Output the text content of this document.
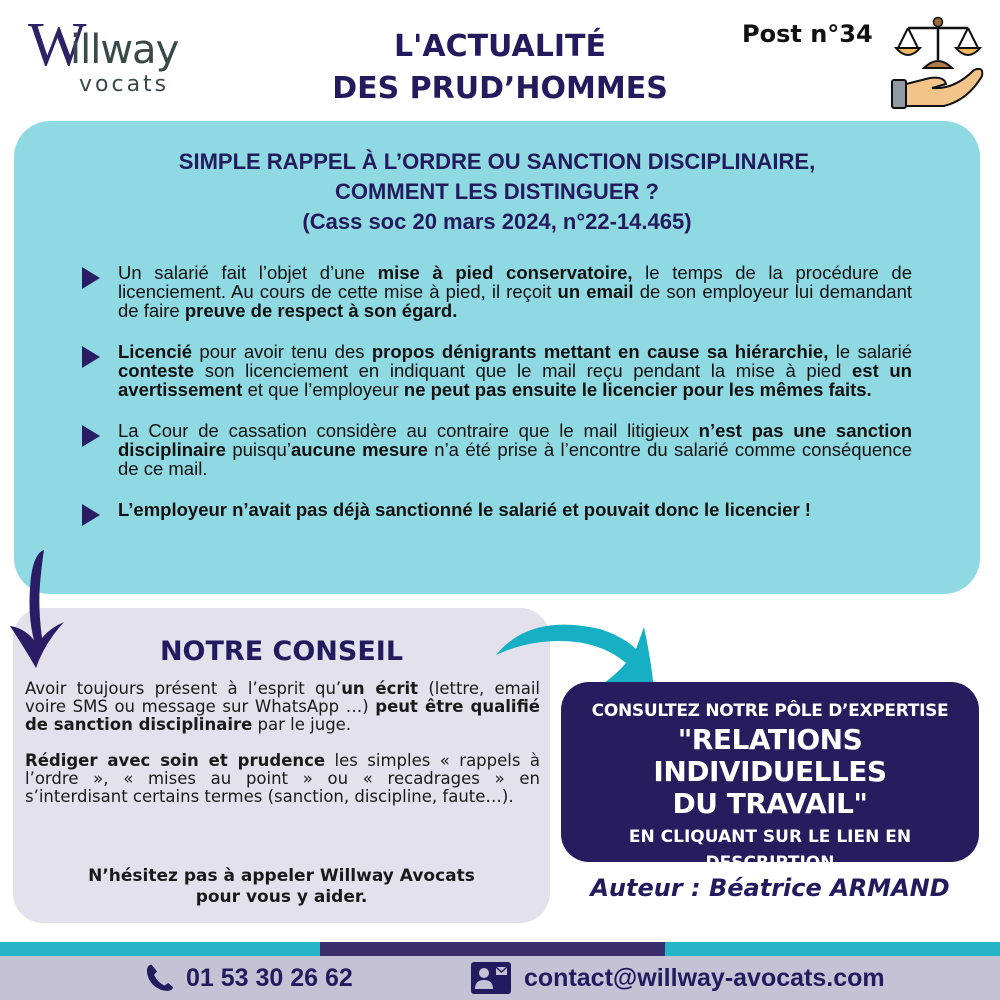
W
illway
vocats
L'ACTUALITÉ
DES PRUD’HOMMES
Post n°34
SIMPLE RAPPEL À L’ORDRE OU SANCTION DISCIPLINAIRE,
COMMENT LES DISTINGUER ?
(Cass soc 20 mars 2024, n°22-14.465)
Un salarié fait l’objet d’une mise à pied conservatoire, le temps de la procédure de licenciement. Au cours de cette mise à pied, il reçoit un email de son employeur lui demandant de faire preuve de respect à son égard.
Licencié pour avoir tenu des propos dénigrants mettant en cause sa hiérarchie, le salarié conteste son licenciement en indiquant que le mail reçu pendant la mise à pied est un avertissement et que l’employeur ne peut pas ensuite le licencier pour les mêmes faits.
La Cour de cassation considère au contraire que le mail litigieux n’est pas une sanction disciplinaire puisqu’aucune mesure n’a été prise à l’encontre du salarié comme conséquence de ce mail.
L’employeur n’avait pas déjà sanctionné le salarié et pouvait donc le licencier !
NOTRE CONSEIL

Avoir toujours présent à l’esprit qu’un écrit (lettre, email voire SMS ou message sur WhatsApp …) peut être qualifié de sanction disciplinaire par le juge.

Rédiger avec soin et prudence les simples « rappels à l’ordre », « mises au point » ou « recadrages » en s’interdisant certains termes (sanction, discipline, faute…).

N’hésitez pas à appeler Willway Avocats
pour vous y aider.
CONSULTEZ NOTRE PÔLE D’EXPERTISE
"RELATIONS INDIVIDUELLES
DU TRAVAIL"
EN CLIQUANT SUR LE LIEN EN
DESCRIPTION
Auteur : Béatrice ARMAND
01 53 30 26 62	contact@willway-avocats.com
